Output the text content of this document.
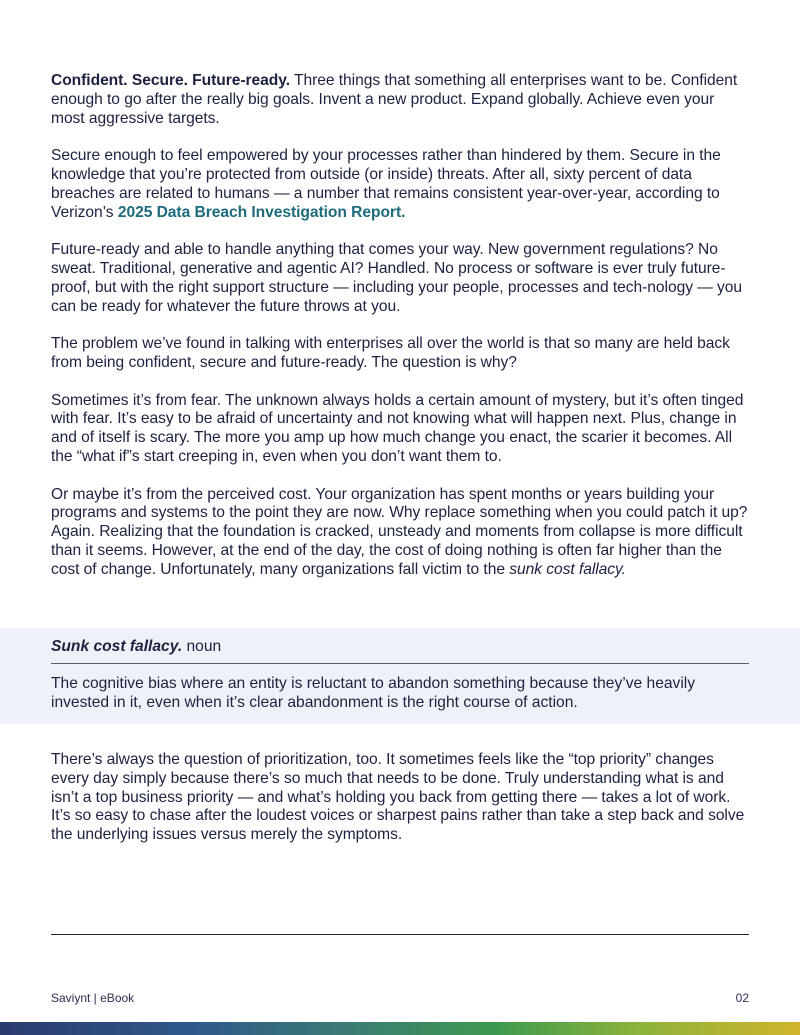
Confident. Secure. Future-ready. Three things that something all enterprises want to be. Confident enough to go after the really big goals. Invent a new product. Expand globally. Achieve even your most aggressive targets.

Secure enough to feel empowered by your processes rather than hindered by them. Secure in the knowledge that you’re protected from outside (or inside) threats. After all, sixty percent of data breaches are related to humans — a number that remains consistent year-over-year, according to Verizon’s 2025 Data Breach Investigation Report.

Future-ready and able to handle anything that comes your way. New government regulations? No sweat. Traditional, generative and agentic AI? Handled. No process or software is ever truly future-proof, but with the right support structure — including your people, processes and tech-nology — you can be ready for whatever the future throws at you.

The problem we’ve found in talking with enterprises all over the world is that so many are held back from being confident, secure and future-ready. The question is why?

Sometimes it’s from fear. The unknown always holds a certain amount of mystery, but it’s often tinged with fear. It’s easy to be afraid of uncertainty and not knowing what will happen next. Plus, change in and of itself is scary. The more you amp up how much change you enact, the scarier it becomes. All the “what if”s start creeping in, even when you don’t want them to.

Or maybe it’s from the perceived cost. Your organization has spent months or years building your programs and systems to the point they are now. Why replace something when you could patch it up? Again. Realizing that the foundation is cracked, unsteady and moments from collapse is more difficult than it seems. However, at the end of the day, the cost of doing nothing is often far higher than the cost of change. Unfortunately, many organizations fall victim to the sunk cost fallacy.

Sunk cost fallacy. noun
The cognitive bias where an entity is reluctant to abandon something because they’ve heavily invested in it, even when it’s clear abandonment is the right course of action.

There’s always the question of prioritization, too. It sometimes feels like the “top priority” changes every day simply because there’s so much that needs to be done. Truly understanding what is and isn’t a top business priority — and what’s holding you back from getting there — takes a lot of work. It’s so easy to chase after the loudest voices or sharpest pains rather than take a step back and solve the underlying issues versus merely the symptoms.

Saviynt | eBook	02
